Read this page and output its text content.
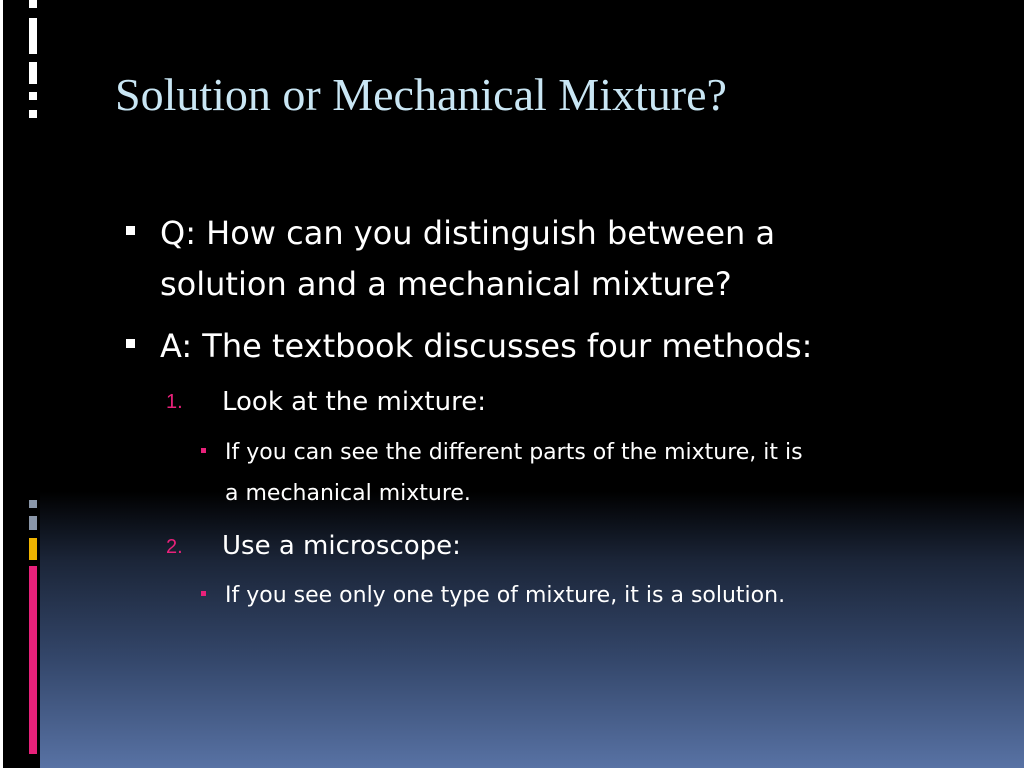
Solution or Mechanical Mixture?

Q: How can you distinguish between a

solution and a mechanical mixture?

A: The textbook discusses four methods:

1. Look at the mixture:

If you can see the different parts of the mixture, it is

a mechanical mixture.

2. Use a microscope:

If you see only one type of mixture, it is a solution.
